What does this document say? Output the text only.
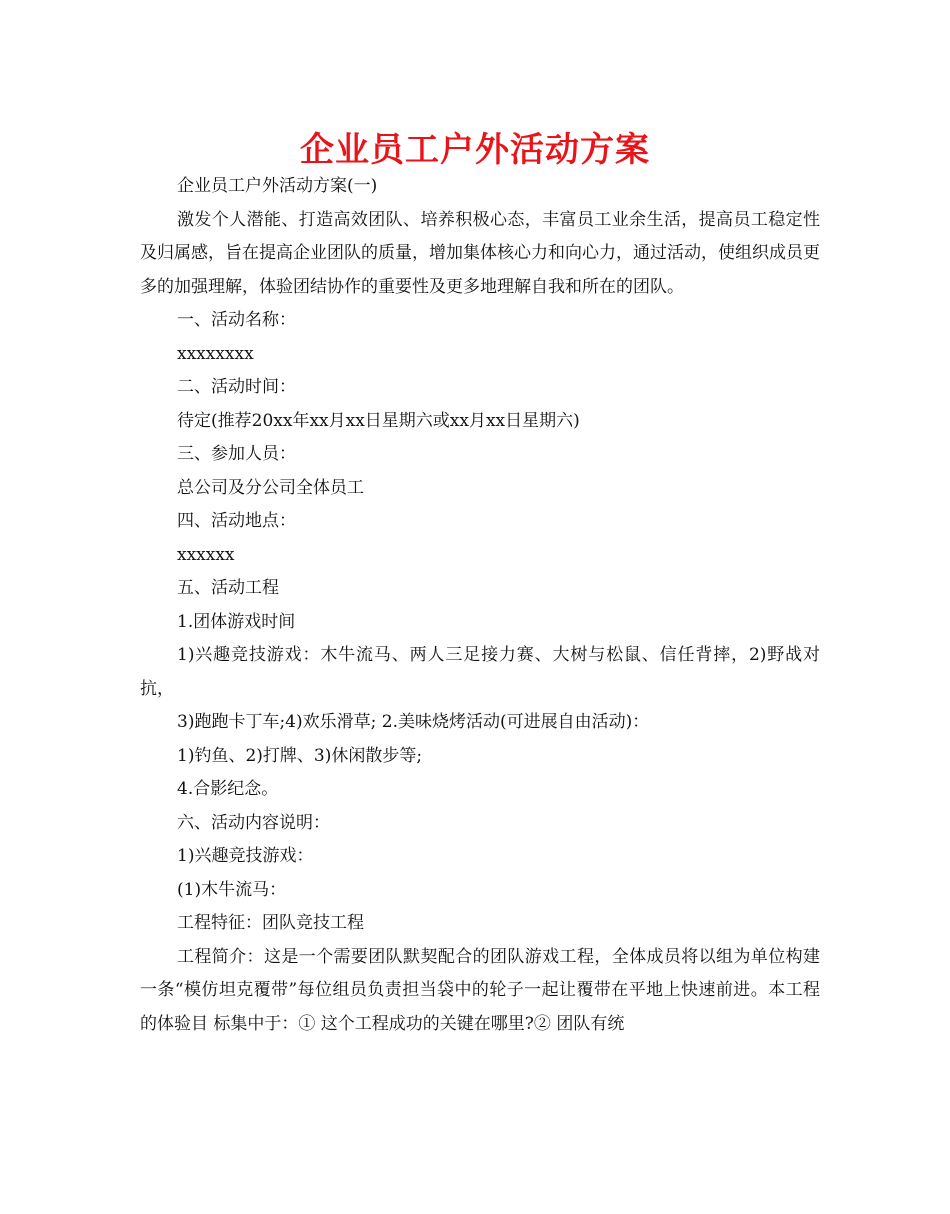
企业员工户外活动方案

企业员工户外活动方案(一)

激发个人潜能、打造高效团队、培养积极心态，丰富员工业余生活，提高员工稳定性及归属感，旨在提高企业团队的质量，增加集体核心力和向心力，通过活动，使组织成员更多的加强理解，体验团结协作的重要性及更多地理解自我和所在的团队。

一、活动名称：

xxxxxxxx

二、活动时间：

待定(推荐20xx年xx月xx日星期六或xx月xx日星期六)

三、参加人员：

总公司及分公司全体员工

四、活动地点：

xxxxxx

五、活动工程

1.团体游戏时间

1)兴趣竞技游戏：木牛流马、两人三足接力赛、大树与松鼠、信任背摔，2)野战对抗，

3)跑跑卡丁车;4)欢乐滑草; 2.美味烧烤活动(可进展自由活动)：

1)钓鱼、2)打牌、3)休闲散步等;

4.合影纪念。

六、活动内容说明：

1)兴趣竞技游戏：

(1)木牛流马：

工程特征：团队竞技工程

工程简介：这是一个需要团队默契配合的团队游戏工程，全体成员将以组为单位构建一条“模仿坦克覆带”每位组员负责担当袋中的轮子一起让覆带在平地上快速前进。本工程的体验目 标集中于：① 这个工程成功的关键在哪里?② 团队有统
